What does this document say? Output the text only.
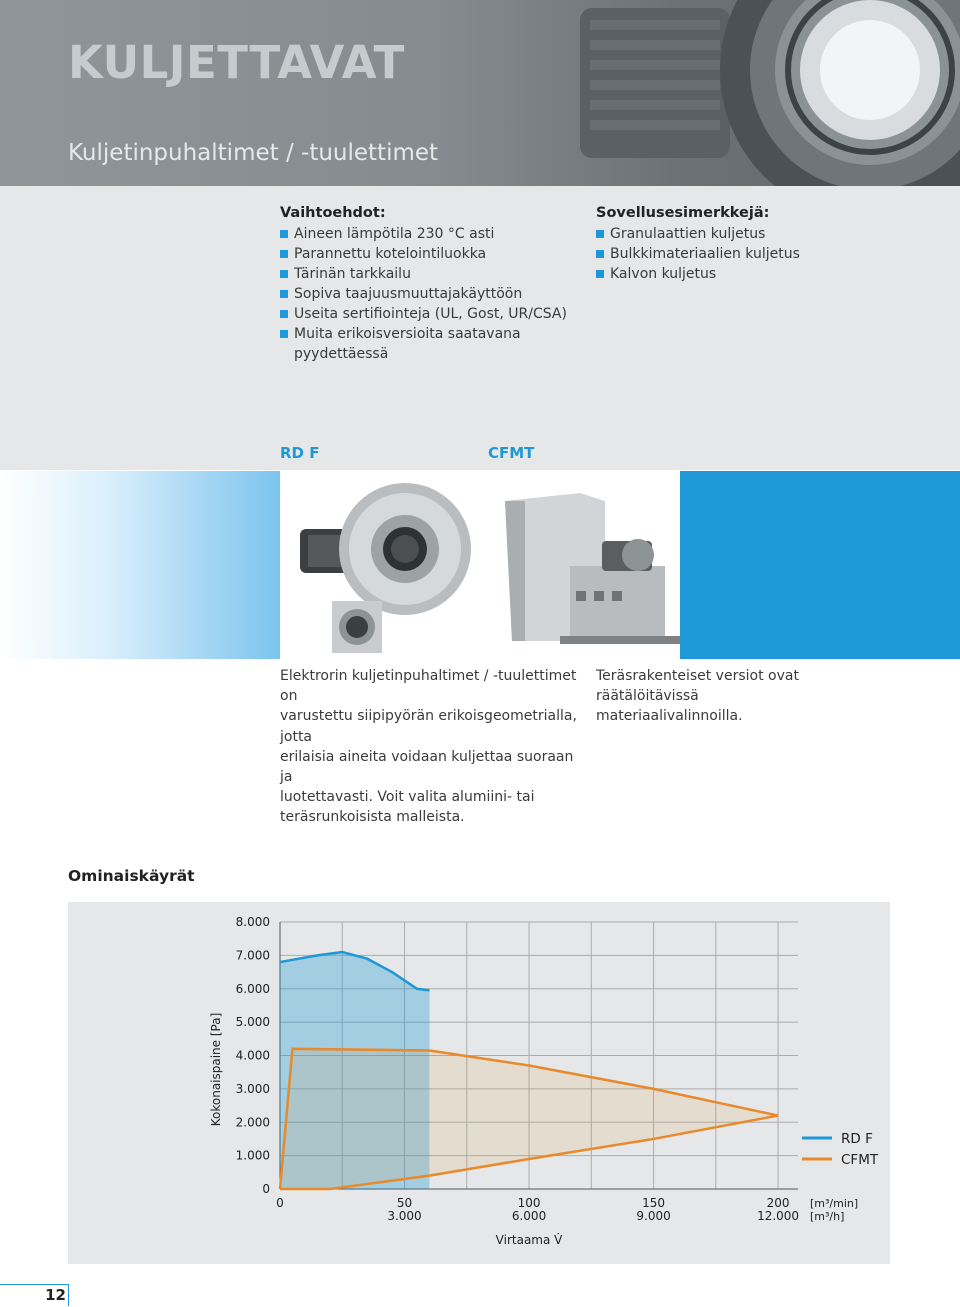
KULJETTAVAT
Kuljetinpuhaltimet / -tuulettimet
Vaihtoehdot:
Aineen lämpötila 230 °C asti
Parannettu kotelointiluokka
Tärinän tarkkailu
Sopiva taajuusmuuttajakäyttöön
Useita sertifiointeja (UL, Gost, UR/CSA)
Muita erikoisversioita saatavana pyydettäessä
Sovellusesimerkkejä:
Granulaattien kuljetus
Bulkkimateriaalien kuljetus
Kalvon kuljetus
RD F	CFMT
Elektrorin kuljetinpuhaltimet / -tuulettimet on
varustettu siipipyörän erikoisgeometrialla, jotta
erilaisia aineita voidaan kuljettaa suoraan ja
luotettavasti. Voit valita alumiini- tai
teräsrunkoisista malleista.
Teräsrakenteiset versiot ovat räätälöitävissä
materiaalivalinnoilla.
Ominaiskäyrät
0
1.000
2.000
3.000
4.000
5.000
6.000
7.000
8.000
0	50
3.000
100
6.000
150
9.000
200
12.000
[m³/min]
[m³/h]
Virtaama V̇
Kokonaispaine [Pa]
RD F
CFMT
12
